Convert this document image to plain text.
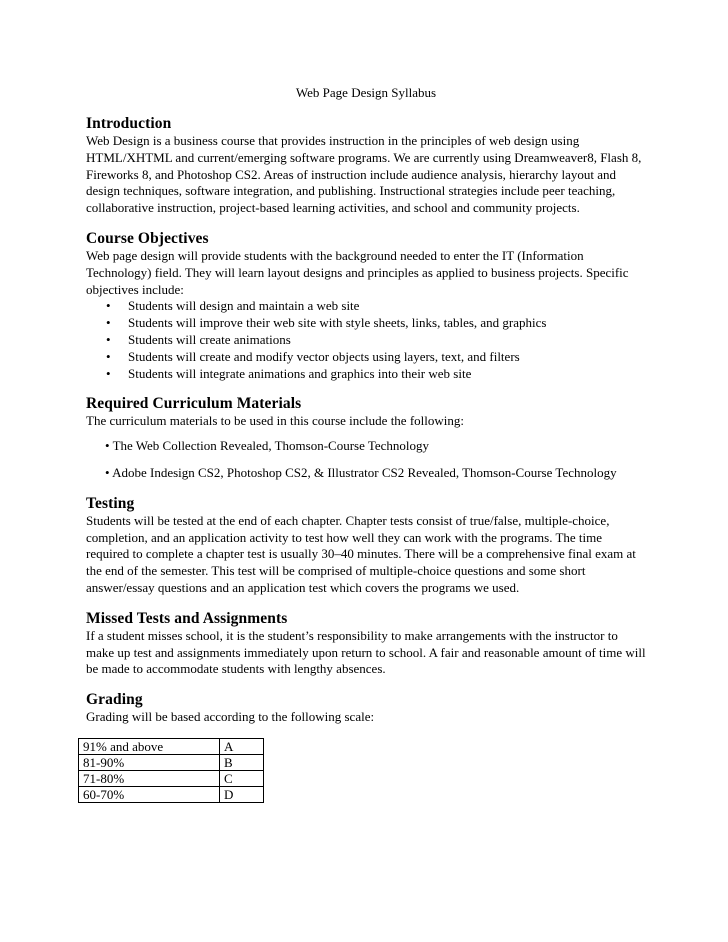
Web Page Design Syllabus
Introduction

Web Design is a business course that provides instruction in the principles of web design using HTML/XHTML and current/emerging software programs. We are currently using Dreamweaver8, Flash 8, Fireworks 8, and Photoshop CS2. Areas of instruction include audience analysis, hierarchy layout and design techniques, software integration, and publishing. Instructional strategies include peer teaching, collaborative instruction, project-based learning activities, and school and community projects.

Course Objectives

Web page design will provide students with the background needed to enter the IT (Information Technology) field. They will learn layout designs and principles as applied to business projects. Specific objectives include:

• Students will design and maintain a web site
• Students will improve their web site with style sheets, links, tables, and graphics
• Students will create animations
• Students will create and modify vector objects using layers, text, and filters
• Students will integrate animations and graphics into their web site
Required Curriculum Materials

The curriculum materials to be used in this course include the following:

• The Web Collection Revealed, Thomson-Course Technology
• Adobe Indesign CS2, Photoshop CS2, & Illustrator CS2 Revealed, Thomson-Course Technology
Testing

Students will be tested at the end of each chapter. Chapter tests consist of true/false, multiple-choice, completion, and an application activity to test how well they can work with the programs. The time required to complete a chapter test is usually 30–40 minutes. There will be a comprehensive final exam at the end of the semester. This test will be comprised of multiple-choice questions and some short answer/essay questions and an application test which covers the programs we used.

Missed Tests and Assignments

If a student misses school, it is the student’s responsibility to make arrangements with the instructor to make up test and assignments immediately upon return to school. A fair and reasonable amount of time will be made to accommodate students with lengthy absences.

Grading

Grading will be based according to the following scale:

91% and above	A
81-90%	B
71-80%	C
60-70%	D
